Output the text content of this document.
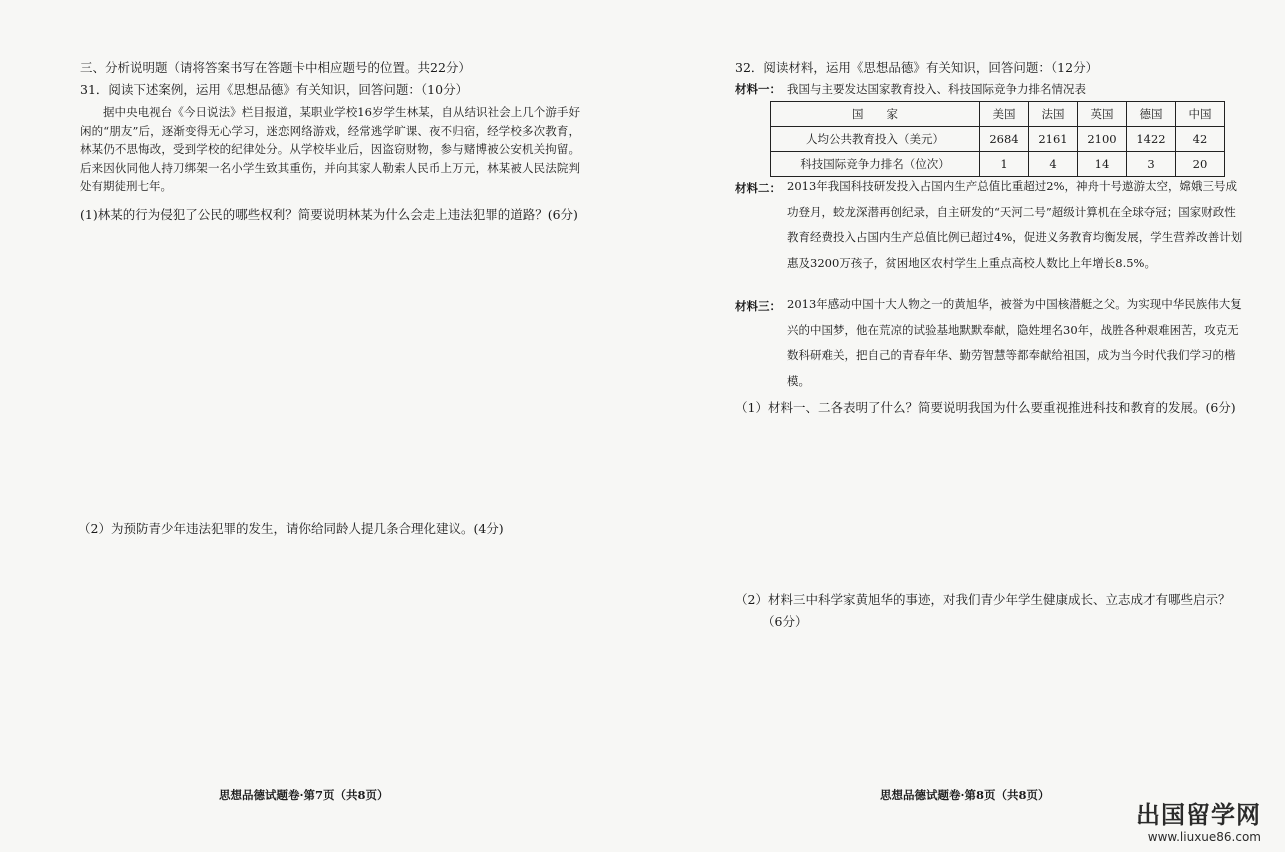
三、分析说明题（请将答案书写在答题卡中相应题号的位置。共22分）
31．阅读下述案例，运用《思想品德》有关知识，回答问题：（10分）
据中央电视台《今日说法》栏目报道，某职业学校16岁学生林某，自从结识社会上几个游手好闲的“朋友”后，逐渐变得无心学习，迷恋网络游戏，经常逃学旷课、夜不归宿，经学校多次教育，林某仍不思悔改，受到学校的纪律处分。从学校毕业后，因盗窃财物，参与赌博被公安机关拘留。后来因伙同他人持刀绑架一名小学生致其重伤，并向其家人勒索人民币上万元，林某被人民法院判处有期徒刑七年。
(1)林某的行为侵犯了公民的哪些权利？简要说明林某为什么会走上违法犯罪的道路？(6分)
（2）为预防青少年违法犯罪的发生，请你给同龄人提几条合理化建议。(4分)
思想品德试题卷·第7页（共8页）
32．阅读材料，运用《思想品德》有关知识，回答问题：（12分）
材料一： 我国与主要发达国家教育投入、科技国际竞争力排名情况表
国　　家	美国	法国	英国	德国	中国
人均公共教育投入（美元）	2684	2161	2100	1422	42
科技国际竞争力排名（位次）	1	4	14	3	20
材料二： 2013年我国科技研发投入占国内生产总值比重超过2%，神舟十号遨游太空，嫦娥三号成功登月，蛟龙深潜再创纪录，自主研发的“天河二号”超级计算机在全球夺冠；国家财政性教育经费投入占国内生产总值比例已超过4%，促进义务教育均衡发展，学生营养改善计划惠及3200万孩子，贫困地区农村学生上重点高校人数比上年增长8.5%。
材料三： 2013年感动中国十大人物之一的黄旭华，被誉为中国核潜艇之父。为实现中华民族伟大复兴的中国梦，他在荒凉的试验基地默默奉献，隐姓埋名30年，战胜各种艰难困苦，攻克无数科研难关，把自己的青春年华、勤劳智慧等都奉献给祖国，成为当今时代我们学习的楷模。
（1）材料一、二各表明了什么？简要说明我国为什么要重视推进科技和教育的发展。(6分)
（2）材料三中科学家黄旭华的事迹，对我们青少年学生健康成长、立志成才有哪些启示？
（6分）
思想品德试题卷·第8页（共8页）
出国留学网
www.liuxue86.com
